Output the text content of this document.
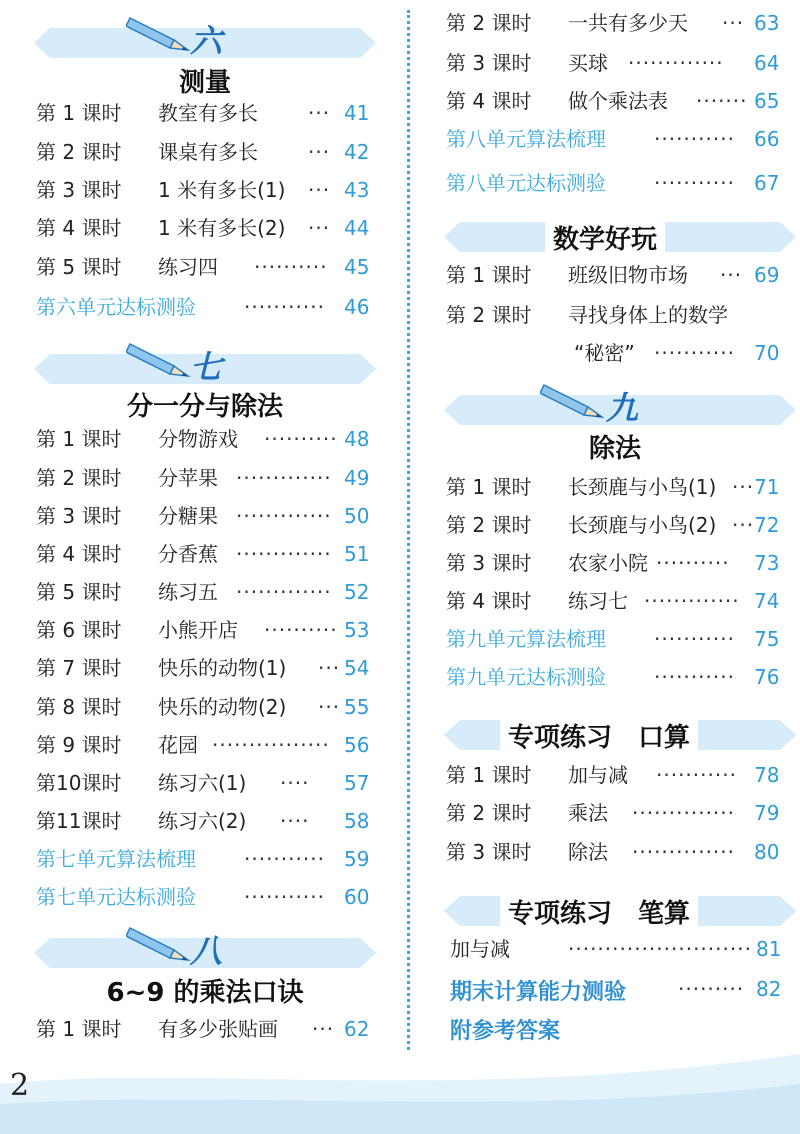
2
六
测量
第 1 课时 教室有多长	··· 41
第 2 课时 课桌有多长	··· 42
第 3 课时 1 米有多长(1) ··· 43
第 4 课时 1 米有多长(2) ··· 44
第 5 课时 练习四 ·········· 45
第六单元达标测验 ··········· 46
七
分一分与除法
第 1 课时 分物游戏 ·········· 48
第 2 课时 分苹果 ············· 49
第 3 课时 分糖果 ············· 50
第 4 课时 分香蕉 ············· 51
第 5 课时 练习五 ············· 52
第 6 课时 小熊开店 ·········· 53
第 7 课时 快乐的动物(1) ··· 54
第 8 课时 快乐的动物(2) ··· 55
第 9 课时 花园 ················ 56
第10课时 练习六(1) ···· 57
第11课时 练习六(2) ···· 58
第七单元算法梳理 ··········· 59
第七单元达标测验 ··········· 60
八
6~9 的乘法口诀
第 1 课时 有多少张贴画 ··· 62
第 2 课时 一共有多少天 ··· 63
第 3 课时 买球 ············· 64
第 4 课时 做个乘法表 ······· 65
第八单元算法梳理 ··········· 66
第八单元达标测验 ··········· 67
数学好玩
第 1 课时 班级旧物市场 ··· 69
第 2 课时 寻找身体上的数学
“秘密” ··········· 70
九
除法
第 1 课时 长颈鹿与小鸟(1) ··· 71
第 2 课时 长颈鹿与小鸟(2) ··· 72
第 3 课时 农家小院 ·········· 73
第 4 课时 练习七 ············· 74
第九单元算法梳理 ··········· 75
第九单元达标测验 ··········· 76
专项练习　口算
第 1 课时 加与减 ··········· 78
第 2 课时 乘法 ·············· 79
第 3 课时 除法 ·············· 80
专项练习　笔算
加与减	························· 81
期末计算能力测验	········· 82
附参考答案
